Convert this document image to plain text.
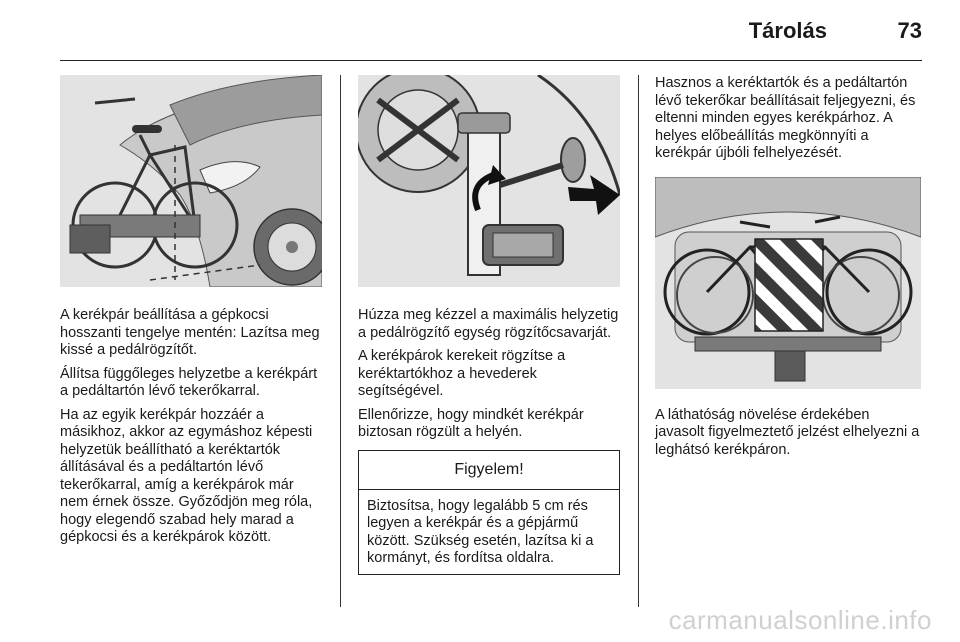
Tárolás	73

A kerékpár beállítása a gépkocsi hosszanti tengelye mentén: Lazítsa meg kissé a pedálrögzítőt.

Állítsa függőleges helyzetbe a kerékpárt a pedáltartón lévő tekerőkarral.

Ha az egyik kerékpár hozzáér a másikhoz, akkor az egymáshoz képesti helyzetük beállítható a keréktartók állításával és a pedáltartón lévő tekerőkarral, amíg a kerékpárok már nem érnek össze. Győződjön meg róla, hogy elegendő szabad hely marad a gépkocsi és a kerékpárok között.

Húzza meg kézzel a maximális helyzetig a pedálrögzítő egység rögzítőcsavarját.

A kerékpárok kerekeit rögzítse a keréktartókhoz a hevederek segítségével.

Ellenőrizze, hogy mindkét kerékpár biztosan rögzült a helyén.

Figyelem!
Biztosítsa, hogy legalább 5 cm rés legyen a kerékpár és a gépjármű között. Szükség esetén, lazítsa ki a kormányt, és fordítsa oldalra.

Hasznos a keréktartók és a pedáltartón lévő tekerőkar beállításait feljegyezni, és eltenni minden egyes kerékpárhoz. A helyes előbeállítás megkönnyíti a kerékpár újbóli felhelyezését.

A láthatóság növelése érdekében javasolt figyelmeztető jelzést elhelyezni a leghátsó kerékpáron.

carmanualsonline.info
